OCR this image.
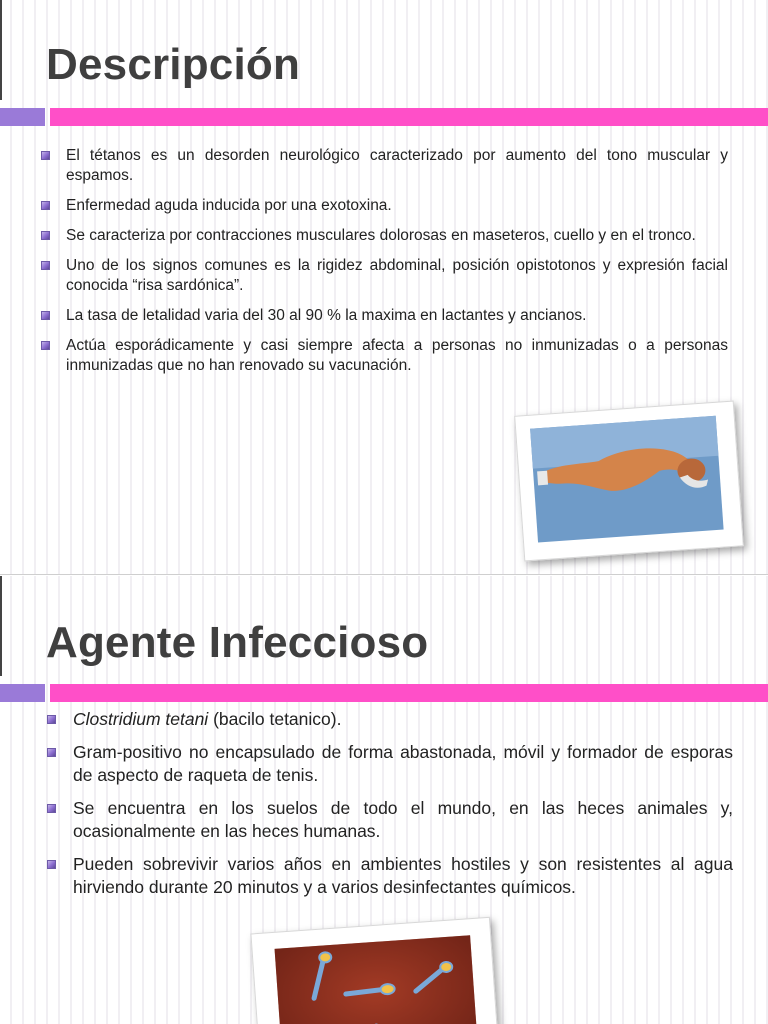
Descripción
El tétanos es un desorden neurológico caracterizado por aumento del tono muscular y espamos.
Enfermedad aguda inducida por una exotoxina.
Se caracteriza por contracciones musculares dolorosas en maseteros, cuello y en el tronco.
Uno de los signos comunes es la rigidez abdominal, posición opistotonos y expresión facial conocida “risa sardónica”.
La tasa de letalidad varia del 30 al 90 % la maxima en lactantes y ancianos.
Actúa esporádicamente y casi siempre afecta a personas no inmunizadas o a personas inmunizadas que no han renovado su vacunación.
Agente Infeccioso
Clostridium tetani (bacilo tetanico).
Gram-positivo no encapsulado de forma abastonada, móvil y formador de esporas de aspecto de raqueta de tenis.
Se encuentra en los suelos de todo el mundo, en las heces animales y, ocasionalmente en las heces humanas.
Pueden sobrevivir varios años en ambientes hostiles y son resistentes al agua hirviendo durante 20 minutos y a varios desinfectantes químicos.
